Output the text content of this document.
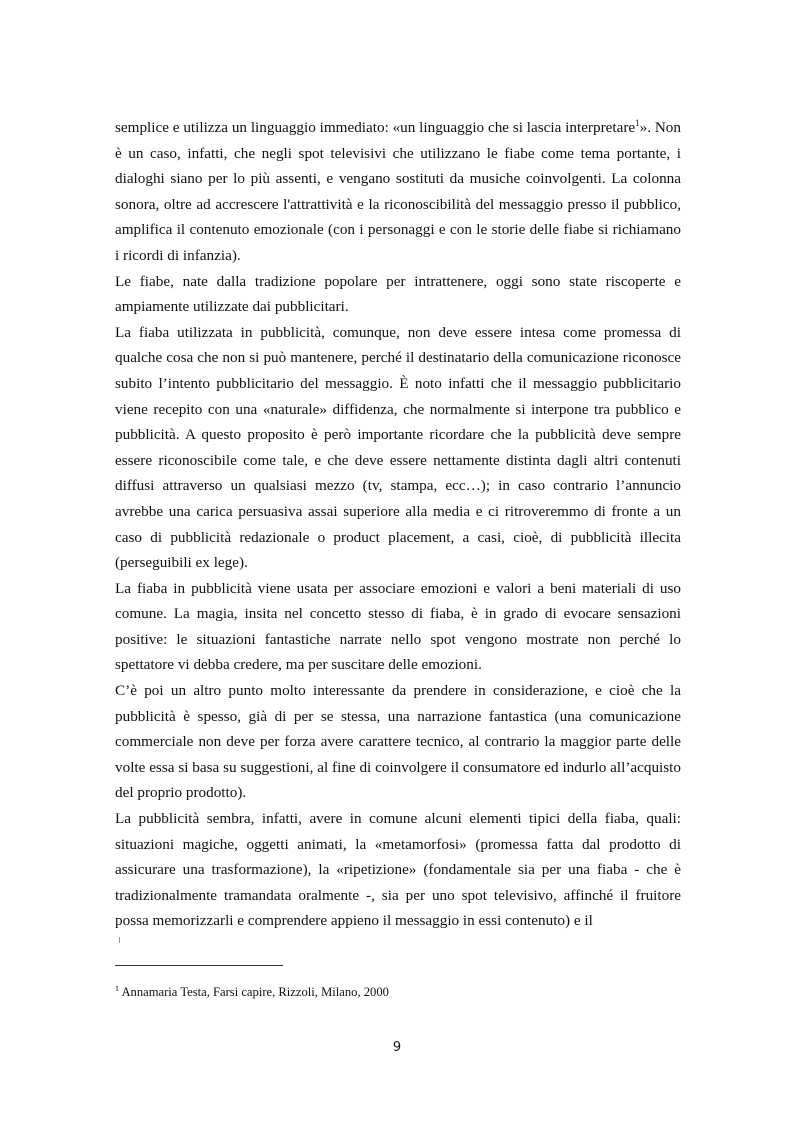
semplice e utilizza un linguaggio immediato: «un linguaggio che si lascia interpretare$^1$». Non è un caso, infatti, che negli spot televisivi che utilizzano le fiabe come tema portante, i dialoghi siano per lo più assenti, e vengano sostituti da musiche coinvolgenti. La colonna sonora, oltre ad accrescere l'attrattività e la riconoscibilità del messaggio presso il pubblico, amplifica il contenuto emozionale (con i personaggi e con le storie delle fiabe si richiamano i ricordi di infanzia).

Le fiabe, nate dalla tradizione popolare per intrattenere, oggi sono state riscoperte e ampiamente utilizzate dai pubblicitari.

La fiaba utilizzata in pubblicità, comunque, non deve essere intesa come promessa di qualche cosa che non si può mantenere, perché il destinatario della comunicazione riconosce subito l’intento pubblicitario del messaggio. È noto infatti che il messaggio pubblicitario viene recepito con una «naturale» diffidenza, che normalmente si interpone tra pubblico e pubblicità. A questo proposito è però importante ricordare che la pubblicità deve sempre essere riconoscibile come tale, e che deve essere nettamente distinta dagli altri contenuti diffusi attraverso un qualsiasi mezzo (tv, stampa, ecc…); in caso contrario l’annuncio avrebbe una carica persuasiva assai superiore alla media e ci ritroveremmo di fronte a un caso di pubblicità redazionale o product placement, a casi, cioè, di pubblicità illecita (perseguibili ex lege).

La fiaba in pubblicità viene usata per associare emozioni e valori a beni materiali di uso comune. La magia, insita nel concetto stesso di fiaba, è in grado di evocare sensazioni positive: le situazioni fantastiche narrate nello spot vengono mostrate non perché lo spettatore vi debba credere, ma per suscitare delle emozioni.

C’è poi un altro punto molto interessante da prendere in considerazione, e cioè che la pubblicità è spesso, già di per se stessa, una narrazione fantastica (una comunicazione commerciale non deve per forza avere carattere tecnico, al contrario la maggior parte delle volte essa si basa su suggestioni, al fine di coinvolgere il consumatore ed indurlo all’acquisto del proprio prodotto).

La pubblicità sembra, infatti, avere in comune alcuni elementi tipici della fiaba, quali: situazioni magiche, oggetti animati, la «metamorfosi» (promessa fatta dal prodotto di assicurare una trasformazione), la «ripetizione» (fondamentale sia per una fiaba - che è tradizionalmente tramandata oralmente -, sia per uno spot televisivo, affinché il fruitore possa memorizzarli e comprendere appieno il messaggio in essi contenuto) e il

$^1$ Annamaria Testa, Farsi capire, Rizzoli, Milano, 2000

9
